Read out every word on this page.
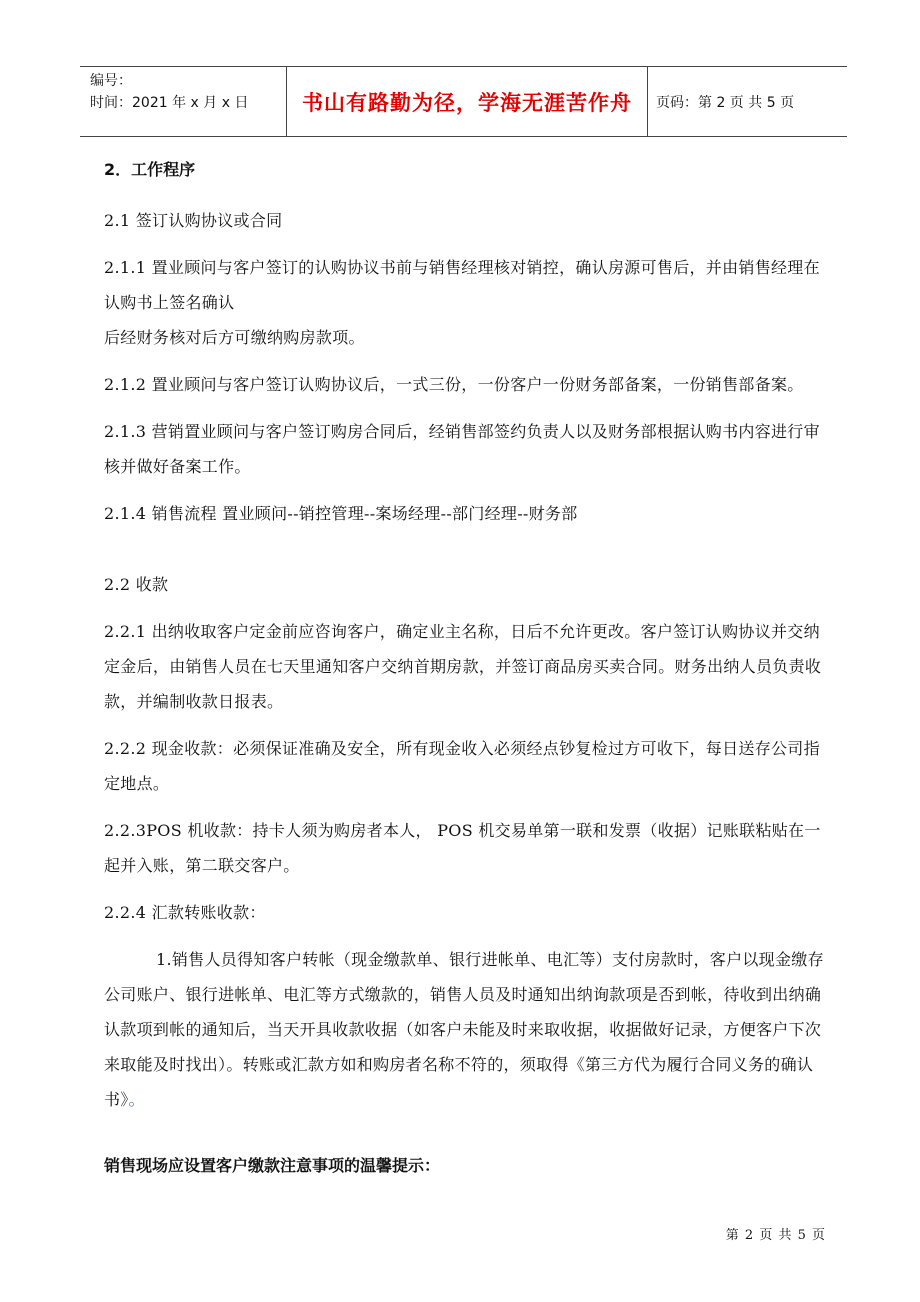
编号：
时间：2021 年 x 月 x 日	书山有路勤为径，学海无涯苦作舟	页码：第 2 页 共 5 页

2．工作程序

2.1 签订认购协议或合同

2.1.1 置业顾问与客户签订的认购协议书前与销售经理核对销控，确认房源可售后，并由销售经理在认购书上签名确认

后经财务核对后方可缴纳购房款项。

2.1.2 置业顾问与客户签订认购协议后，一式三份，一份客户一份财务部备案，一份销售部备案。

2.1.3 营销置业顾问与客户签订购房合同后，经销售部签约负责人以及财务部根据认购书内容进行审核并做好备案工作。

2.1.4 销售流程 置业顾问--销控管理--案场经理--部门经理--财务部

2.2 收款

2.2.1 出纳收取客户定金前应咨询客户，确定业主名称，日后不允许更改。客户签订认购协议并交纳定金后，由销售人员在七天里通知客户交纳首期房款，并签订商品房买卖合同。财务出纳人员负责收款，并编制收款日报表。

2.2.2 现金收款：必须保证准确及安全，所有现金收入必须经点钞复检过方可收下，每日送存公司指定地点。

2.2.3POS 机收款：持卡人须为购房者本人， POS 机交易单第一联和发票（收据）记账联粘贴在一起并入账，第二联交客户。

2.2.4 汇款转账收款：

1.销售人员得知客户转帐（现金缴款单、银行进帐单、电汇等）支付房款时，客户以现金缴存公司账户、银行进帐单、电汇等方式缴款的，销售人员及时通知出纳询款项是否到帐，待收到出纳确认款项到帐的通知后，当天开具收款收据（如客户未能及时来取收据，收据做好记录，方便客户下次来取能及时找出）。转账或汇款方如和购房者名称不符的，须取得《第三方代为履行合同义务的确认书》。

销售现场应设置客户缴款注意事项的温馨提示：

第 2 页 共 5 页
